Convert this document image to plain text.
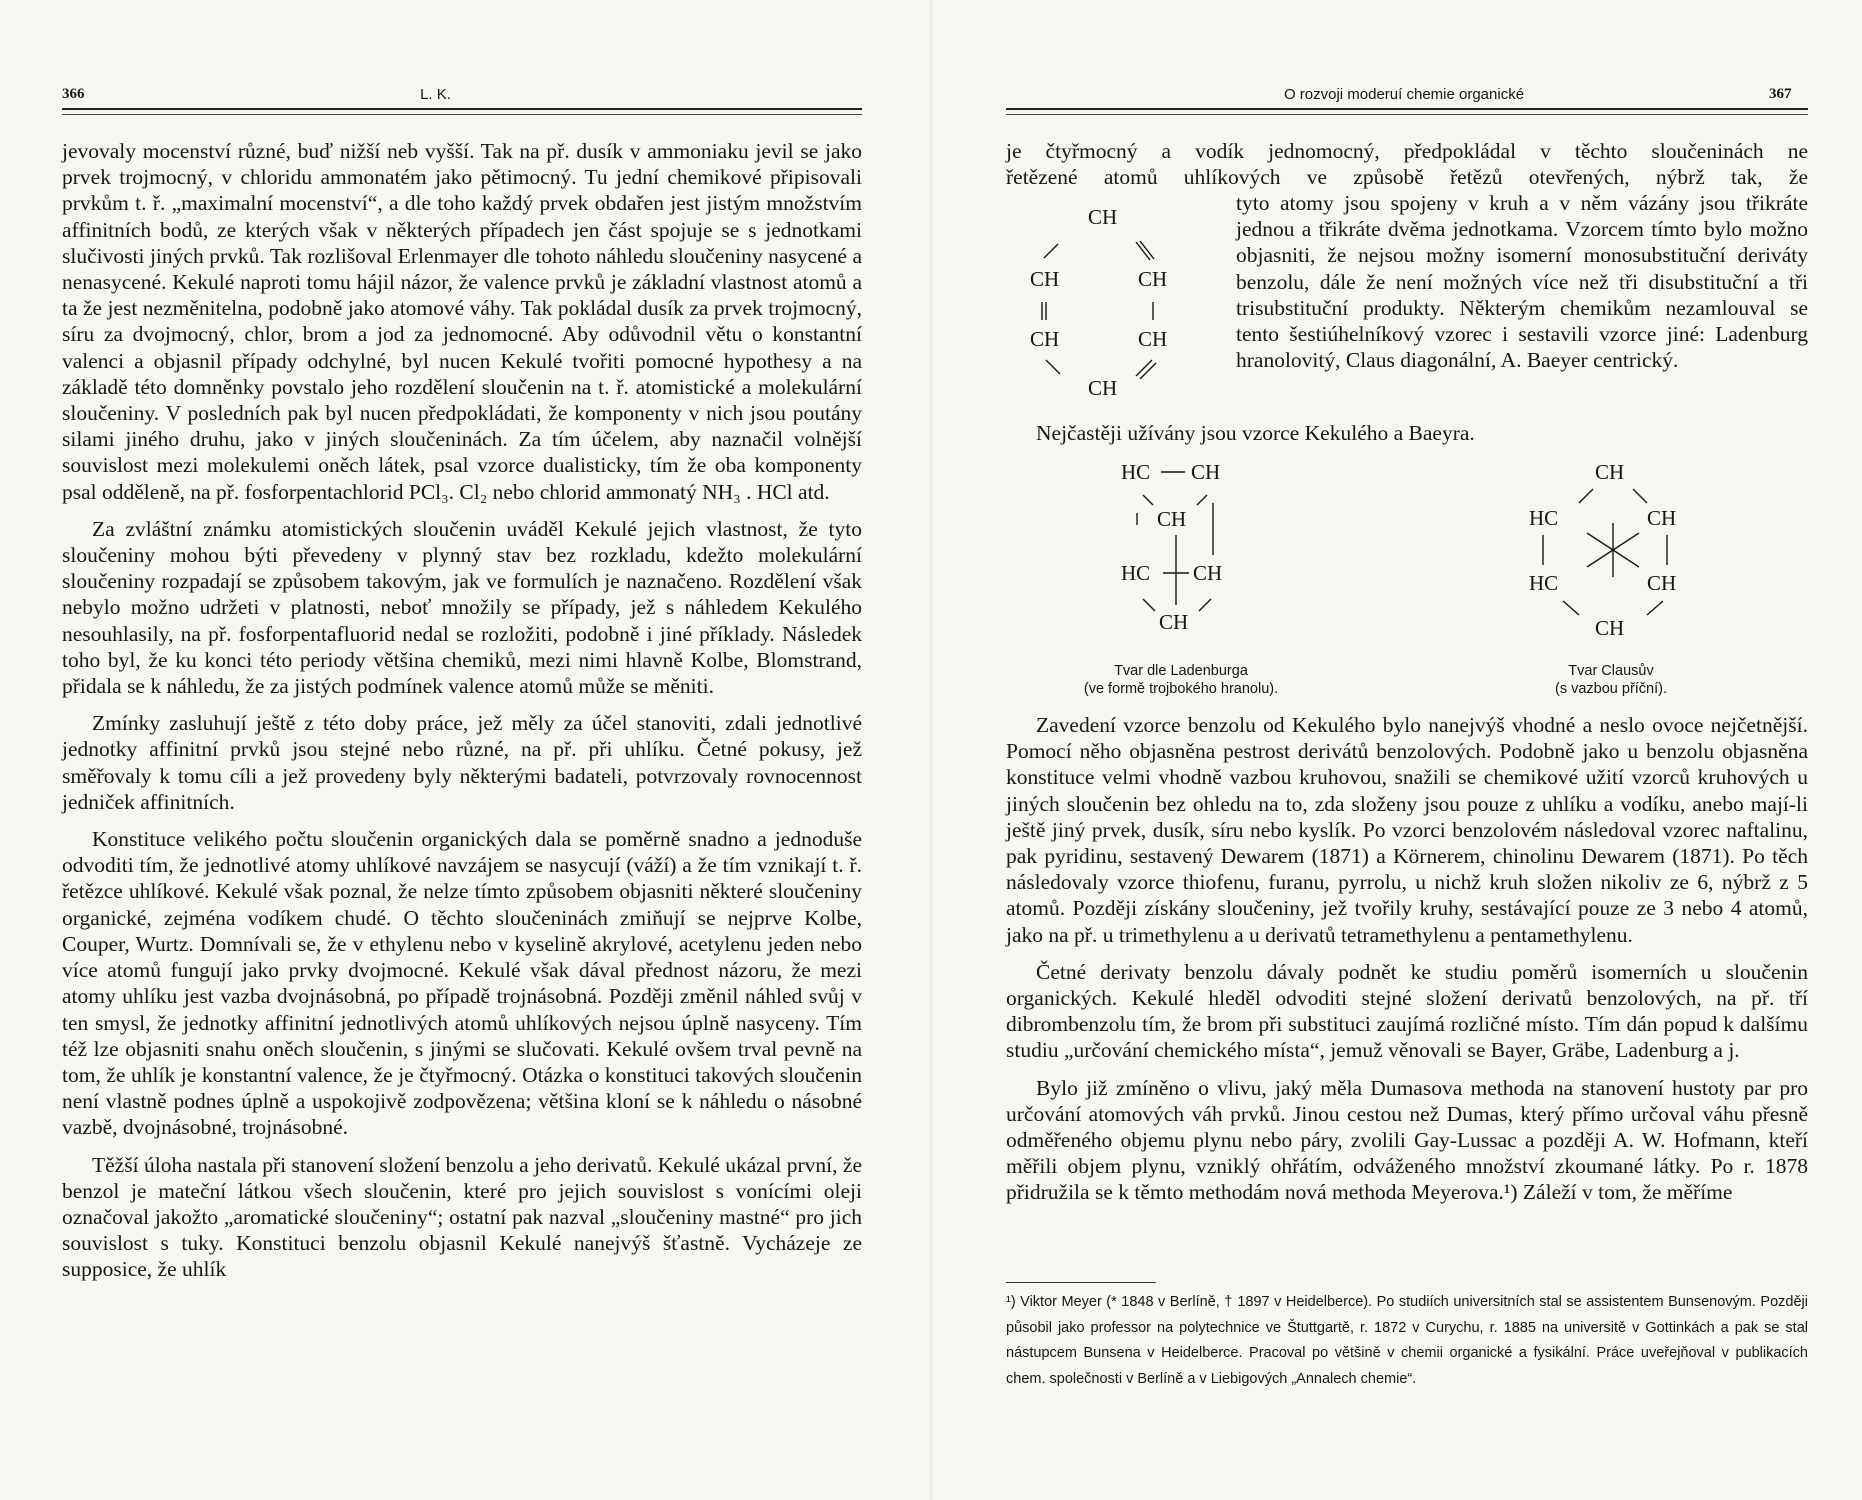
366	L. K.

jevovaly mocenství různé, buď nižší neb vyšší. Tak na př. dusík v ammoniaku jevil se jako prvek trojmocný, v chloridu ammonatém jako pětimocný. Tu jední chemikové připisovali prvkům t. ř. „maximalní mocenství“, a dle toho každý prvek obdařen jest jistým množstvím affinitních bodů, ze kterých však v některých případech jen část spojuje se s jednotkami slučivosti jiných prvků. Tak rozlišoval Erlenmayer dle tohoto náhledu sloučeniny nasycené a nenasycené. Kekulé naproti tomu hájil názor, že valence prvků je základní vlastnost atomů a ta že jest nezměnitelna, podobně jako atomové váhy. Tak pokládal dusík za prvek trojmocný, síru za dvojmocný, chlor, brom a jod za jednomocné. Aby odůvodnil větu o konstantní valenci a objasnil případy odchylné, byl nucen Kekulé tvořiti pomocné hypothesy a na základě této domněnky povstalo jeho rozdělení sloučenin na t. ř. atomistické a molekulární sloučeniny. V posledních pak byl nucen předpokládati, že komponenty v nich jsou poutány silami jiného druhu, jako v jiných sloučeninách. Za tím účelem, aby naznačil volnější souvislost mezi molekulemi oněch látek, psal vzorce dualisticky, tím že oba komponenty psal odděleně, na př. fosforpentachlorid PCl₃. Cl₂ nebo chlorid ammonatý NH₃ . HCl atd.

Za zvláštní známku atomistických sloučenin uváděl Kekulé jejich vlastnost, že tyto sloučeniny mohou býti převedeny v plynný stav bez rozkladu, kdežto molekulární sloučeniny rozpadají se způsobem takovým, jak ve formulích je naznačeno. Rozdělení však nebylo možno udržeti v platnosti, neboť množily se případy, jež s náhledem Kekulého nesouhlasily, na př. fosforpentafluorid nedal se rozložiti, podobně i jiné příklady. Následek toho byl, že ku konci této periody většina chemiků, mezi nimi hlavně Kolbe, Blomstrand, přidala se k náhledu, že za jistých podmínek valence atomů může se měniti.

Zmínky zasluhují ještě z této doby práce, jež měly za účel stanoviti, zdali jednotlivé jednotky affinitní prvků jsou stejné nebo různé, na př. při uhlíku. Četné pokusy, jež směřovaly k tomu cíli a jež provedeny byly některými badateli, potvrzovaly rovnocennost jedniček affinitních.

Konstituce velikého počtu sloučenin organických dala se poměrně snadno a jednoduše odvoditi tím, že jednotlivé atomy uhlíkové navzájem se nasycují (váží) a že tím vznikají t. ř. řetězce uhlíkové. Kekulé však poznal, že nelze tímto způsobem objasniti některé sloučeniny organické, zejména vodíkem chudé. O těchto sloučeninách zmiňují se nejprve Kolbe, Couper, Wurtz. Domnívali se, že v ethylenu nebo v kyselině akrylové, acetylenu jeden nebo více atomů fungují jako prvky dvojmocné. Kekulé však dával přednost názoru, že mezi atomy uhlíku jest vazba dvojnásobná, po případě trojnásobná. Později změnil náhled svůj v ten smysl, že jednotky affinitní jednotlivých atomů uhlíkových nejsou úplně nasyceny. Tím též lze objasniti snahu oněch sloučenin, s jinými se slučovati. Kekulé ovšem trval pevně na tom, že uhlík je konstantní valence, že je čtyřmocný. Otázka o konstituci takových sloučenin není vlastně podnes úplně a uspokojivě zodpovězena; většina kloní se k náhledu o násobné vazbě, dvojnásobné, trojnásobné.

Těžší úloha nastala při stanovení složení benzolu a jeho derivatů. Kekulé ukázal první, že benzol je mateční látkou všech sloučenin, které pro jejich souvislost s vonícími oleji označoval jakožto „aromatické sloučeniny“; ostatní pak nazval „sloučeniny mastné“ pro jich souvislost s tuky. Konstituci benzolu objasnil Kekulé nanejvýš šťastně. Vycházeje ze supposice, že uhlík

O rozvoji moderuí chemie organické	367
je čtyřmocný a vodík jednomocný, předpokládal v těchto sloučeninách ne
řetězené atomů uhlíkových ve způsobě řetězů otevřených, nýbrž tak, že
CH
CH	CH
CH	CH
CH
tyto atomy jsou spojeny v kruh a v něm vázány jsou třikráte jednou a třikráte dvěma jednotkama. Vzorcem tímto bylo možno objasniti, že nejsou možny isomerní monosubstituční deriváty benzolu, dále že není možných více než tři disubstituční a tři trisubstituční produkty. Některým chemikům nezamlouval se tento šestiúhelníkový vzorec i sestavili vzorce jiné: Ladenburg hranolovitý, Claus diagonální, A. Baeyer centrický.
Nejčastěji užívány jsou vzorce Kekulého a Baeyra.
HC CH
CH
HC CH
CH
CH
HC	CH
HC	CH
CH
Tvar dle Ladenburga
(ve formě trojbokého hranolu).
Tvar Clausův
(s vazbou příční).

Zavedení vzorce benzolu od Kekulého bylo nanejvýš vhodné a neslo ovoce nejčetnější. Pomocí něho objasněna pestrost derivátů benzolových. Podobně jako u benzolu objasněna konstituce velmi vhodně vazbou kruhovou, snažili se chemikové užití vzorců kruhových u jiných sloučenin bez ohledu na to, zda složeny jsou pouze z uhlíku a vodíku, anebo mají-li ještě jiný prvek, dusík, síru nebo kyslík. Po vzorci benzolovém následoval vzorec naftalinu, pak pyridinu, sestavený Dewarem (1871) a Körnerem, chinolinu Dewarem (1871). Po těch následovaly vzorce thiofenu, furanu, pyrrolu, u nichž kruh složen nikoliv ze 6, nýbrž z 5 atomů. Později získány sloučeniny, jež tvořily kruhy, sestávající pouze ze 3 nebo 4 atomů, jako na př. u trimethylenu a u derivatů tetramethylenu a pentamethylenu.

Četné derivaty benzolu dávaly podnět ke studiu poměrů isomerních u sloučenin organických. Kekulé hleděl odvoditi stejné složení derivatů benzolových, na př. tří dibrombenzolu tím, že brom při substituci zaujímá rozličné místo. Tím dán popud k dalšímu studiu „určování chemického místa“, jemuž věnovali se Bayer, Gräbe, Ladenburg a j.

Bylo již zmíněno o vlivu, jaký měla Dumasova methoda na stanovení hustoty par pro určování atomových váh prvků. Jinou cestou než Dumas, který přímo určoval váhu přesně odměřeného objemu plynu nebo páry, zvolili Gay-Lussac a později A. W. Hofmann, kteří měřili objem plynu, vzniklý ohřátím, odváženého množství zkoumané látky. Po r. 1878 přidružila se k těmto methodám nová methoda Meyerova.¹) Záleží v tom, že měříme

¹) Viktor Meyer (* 1848 v Berlíně, † 1897 v Heidelberce). Po studiích universitních stal se assistentem Bunsenovým. Později působil jako professor na polytechnice ve Štuttgartě, r. 1872 v Curychu, r. 1885 na universitě v Gottinkách a pak se stal nástupcem Bunsena v Heidelberce. Pracoval po většině v chemii organické a fysikální. Práce uveřejňoval v publikacích chem. společnosti v Berlíně a v Liebigových „Annalech chemie“.
